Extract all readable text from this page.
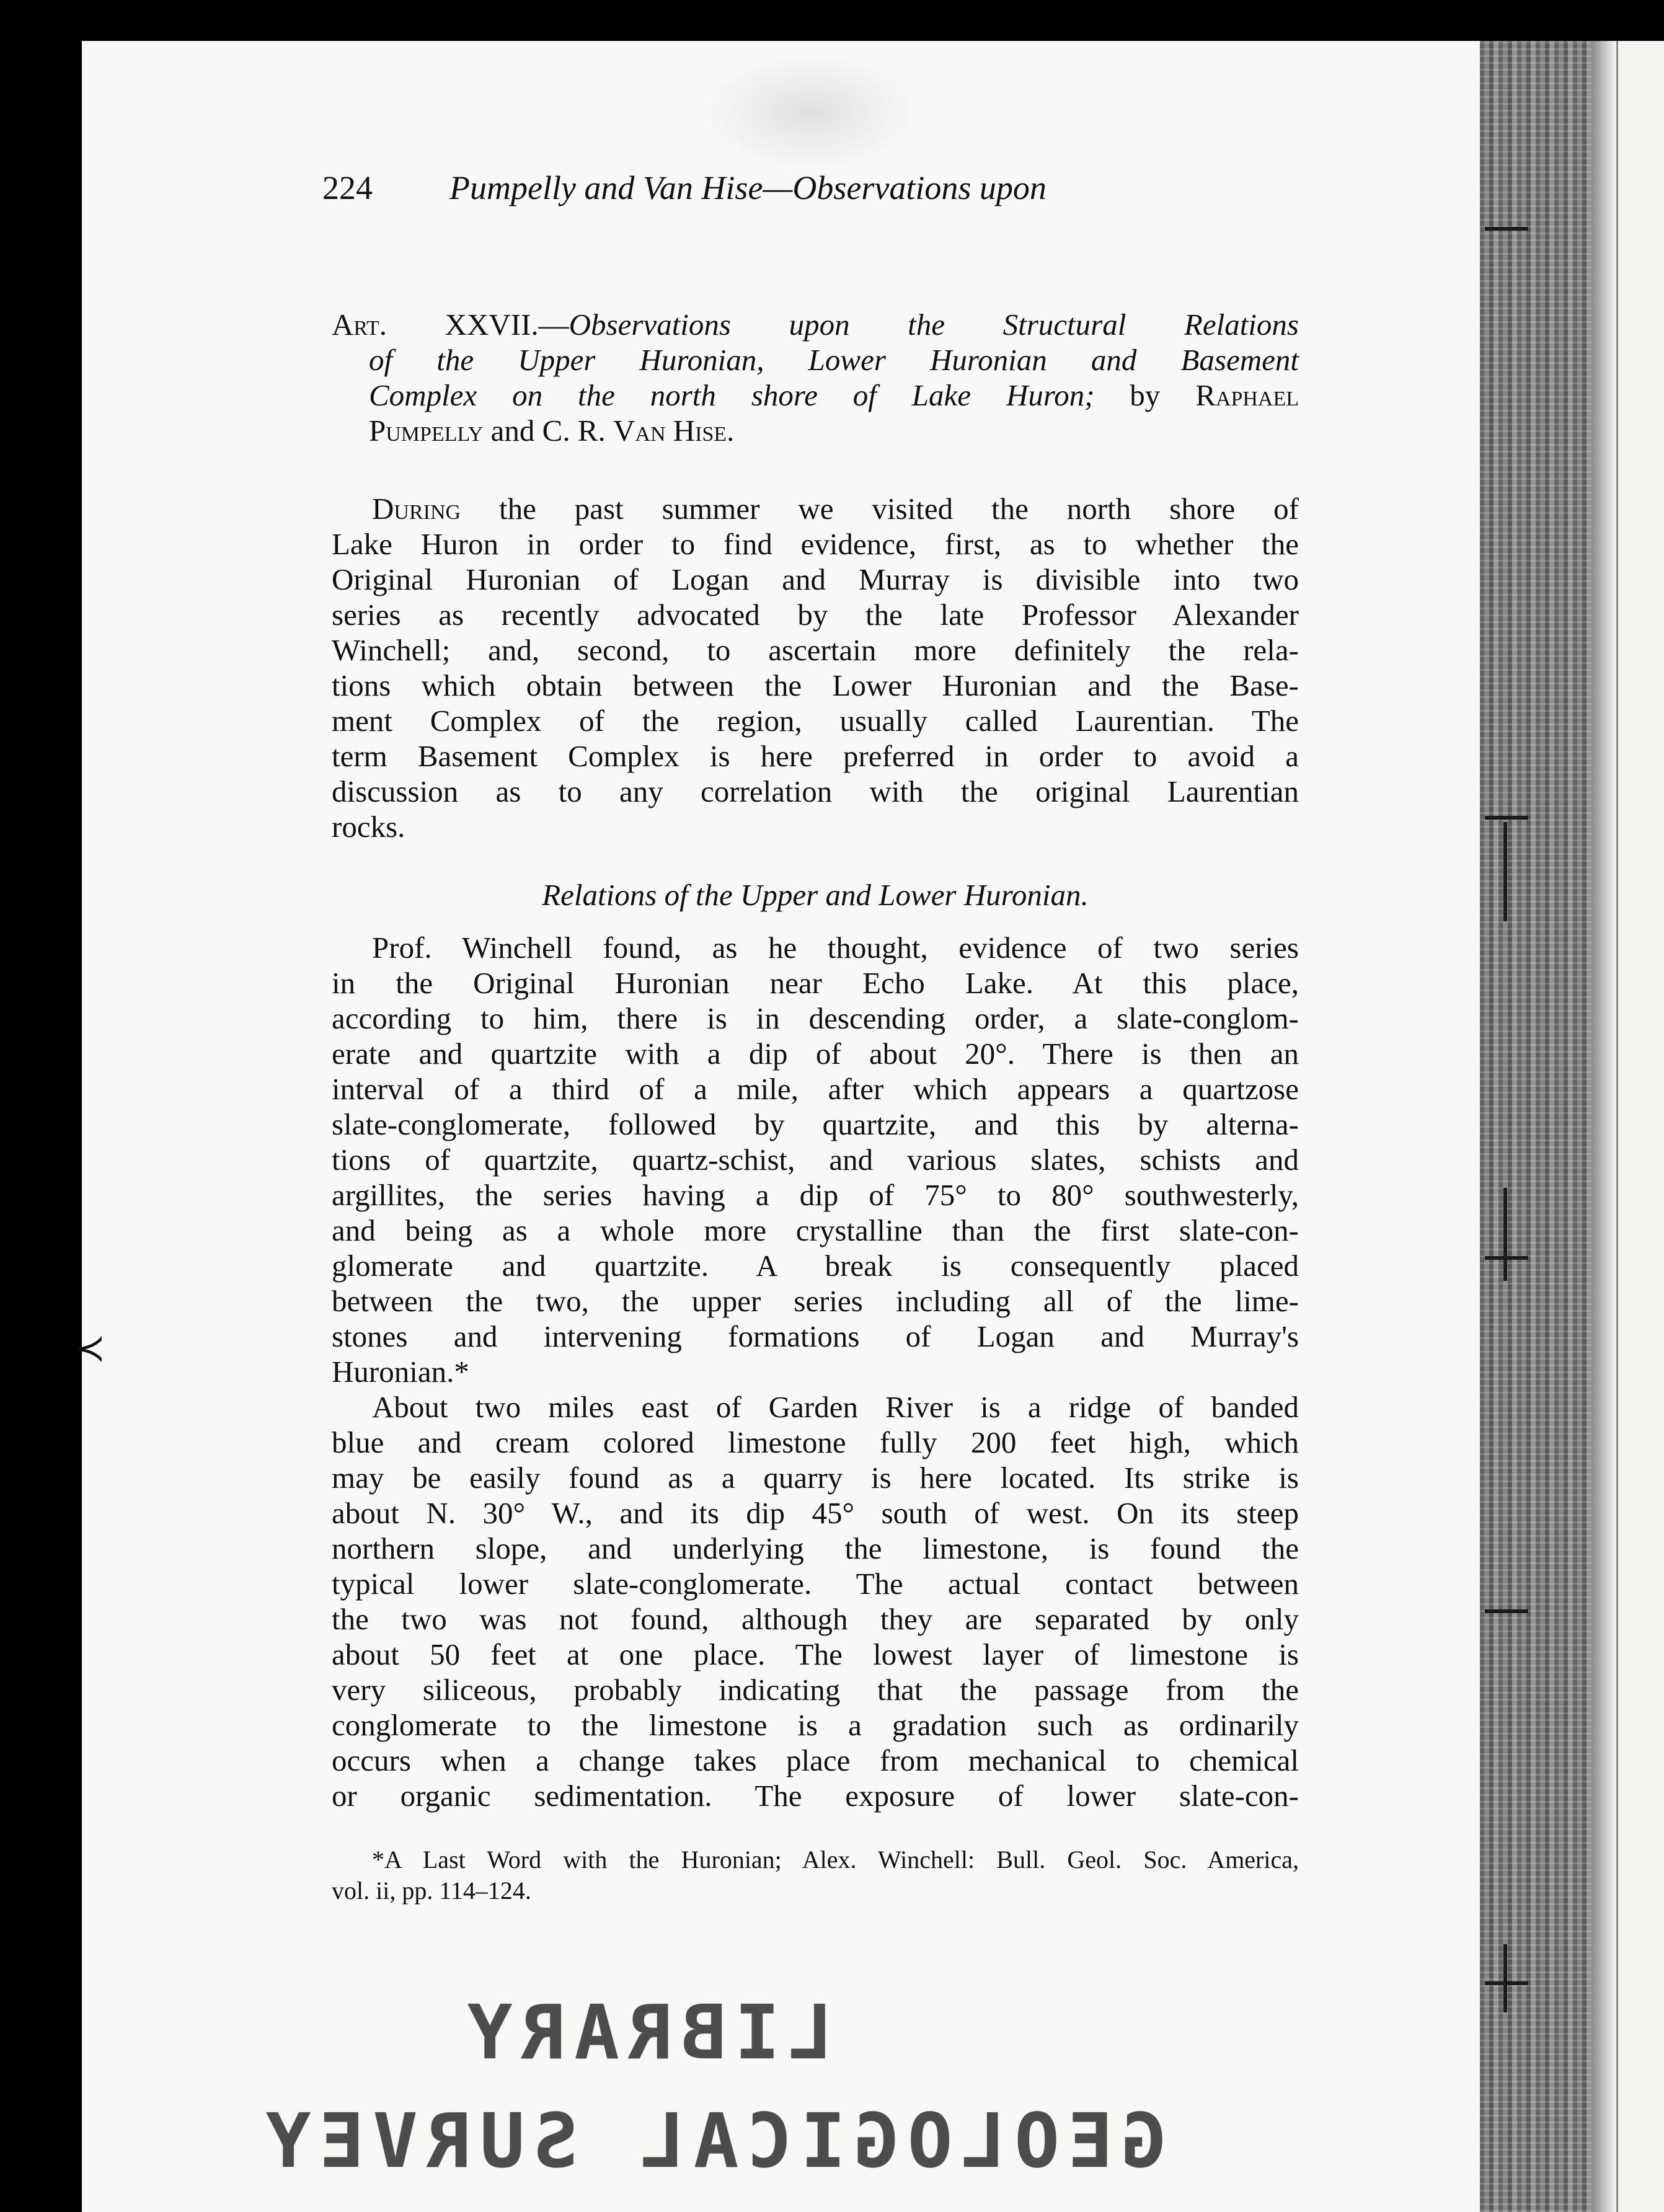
224 Pumpelly and Van Hise—Observations upon
Art. XXVII.—Observations upon the Structural Relations
of the Upper Huronian, Lower Huronian and Basement
Complex on the north shore of Lake Huron; by Raphael
Pumpelly and C. R. Van Hise.
During the past summer we visited the north shore of
Lake Huron in order to find evidence, first, as to whether the
Original Huronian of Logan and Murray is divisible into two
series as recently advocated by the late Professor Alexander
Winchell; and, second, to ascertain more definitely the rela-
tions which obtain between the Lower Huronian and the Base-
ment Complex of the region, usually called Laurentian. The
term Basement Complex is here preferred in order to avoid a
discussion as to any correlation with the original Laurentian
rocks.
Relations of the Upper and Lower Huronian.
Prof. Winchell found, as he thought, evidence of two series
in the Original Huronian near Echo Lake. At this place,
according to him, there is in descending order, a slate-conglom-
erate and quartzite with a dip of about 20°. There is then an
interval of a third of a mile, after which appears a quartzose
slate-conglomerate, followed by quartzite, and this by alterna-
tions of quartzite, quartz-schist, and various slates, schists and
argillites, the series having a dip of 75° to 80° southwesterly,
and being as a whole more crystalline than the first slate-con-
glomerate and quartzite. A break is consequently placed
between the two, the upper series including all of the lime-
stones and intervening formations of Logan and Murray's
Huronian.*
About two miles east of Garden River is a ridge of banded
blue and cream colored limestone fully 200 feet high, which
may be easily found as a quarry is here located. Its strike is
about N. 30° W., and its dip 45° south of west. On its steep
northern slope, and underlying the limestone, is found the
typical lower slate-conglomerate. The actual contact between
the two was not found, although they are separated by only
about 50 feet at one place. The lowest layer of limestone is
very siliceous, probably indicating that the passage from the
conglomerate to the limestone is a gradation such as ordinarily
occurs when a change takes place from mechanical to chemical
or organic sedimentation. The exposure of lower slate-con-
*A Last Word with the Huronian; Alex. Winchell: Bull. Geol. Soc. America,
vol. ii, pp. 114–124.
LIBRARY
GEOLOGICAL SURVEY
≺
